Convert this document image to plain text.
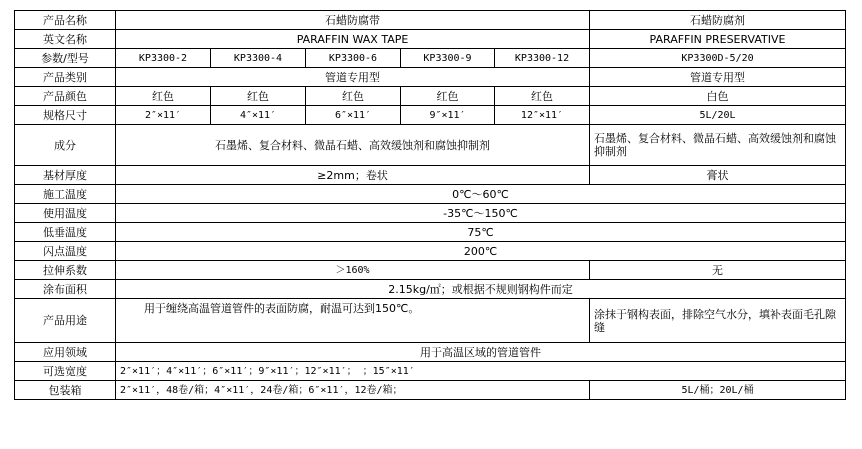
产品名称	石蜡防腐带					石蜡防腐剂
英文名称	PARAFFIN WAX TAPE					PARAFFIN PRESERVATIVE
参数/型号	KP3300-2	KP3300-4	KP3300-6	KP3300-9	KP3300-12	KP3300D-5/20
产品类别	管道专用型					管道专用型
产品颜色	红色	红色	红色	红色	红色	白色
规格尺寸	2″×11′	4″×11′	6″×11′	9″×11′	12″×11′	5L/20L
成分	石墨烯、复合材料、微晶石蜡、高效缓蚀剂和腐蚀抑制剂					石墨烯、复合材料、微晶石蜡、高效缓蚀剂和腐蚀抑制剂
基材厚度	≥2mm；卷状					膏状
施工温度	0℃～60℃					
使用温度	-35℃～150℃					
低垂温度	75℃					
闪点温度	200℃					
拉伸系数	＞160%					无
涂布面积	2.15kg/㎡；或根据不规则钢构件而定					
产品用途	用于缠绕高温管道管件的表面防腐，耐温可达到150℃。					涂抹于钢构表面，排除空气水分，填补表面毛孔隙缝
应用领域	用于高温区域的管道管件					
可选宽度	2″×11′；4″×11′；6″×11′；9″×11′；12″×11′； ；15″×11′					
包装箱	2″×11′，48卷/箱；4″×11′，24卷/箱；6″×11′，12卷/箱；					5L/桶；20L/桶
